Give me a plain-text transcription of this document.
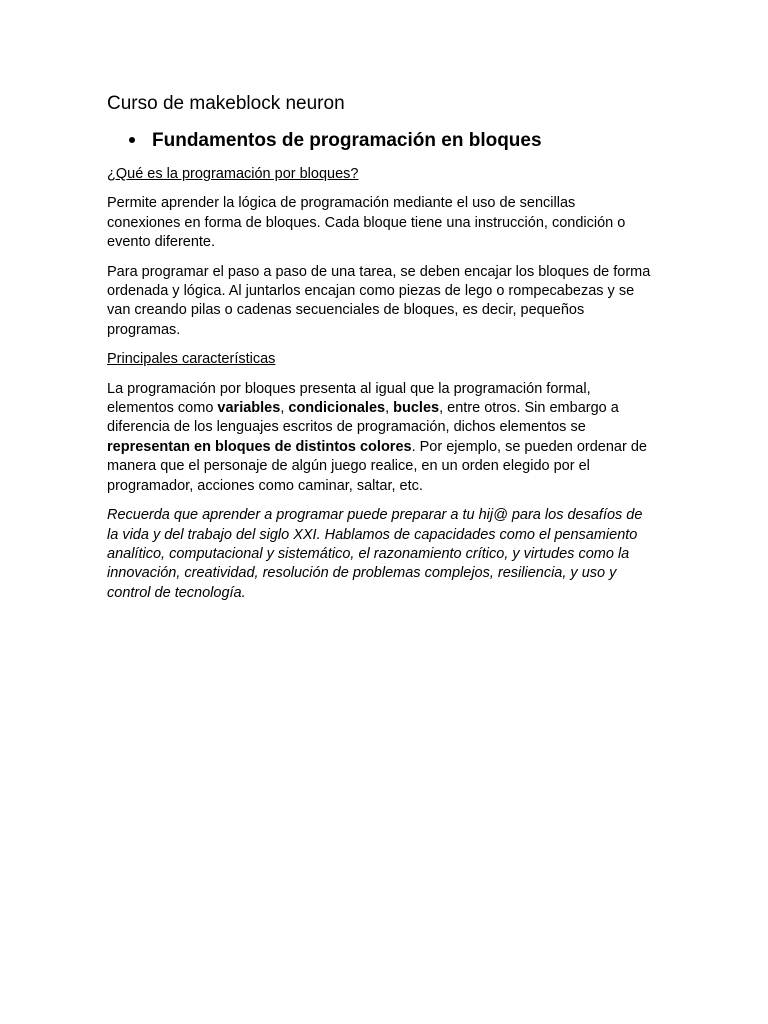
Curso de makeblock neuron
Fundamentos de programación en bloques

¿Qué es la programación por bloques?

Permite aprender la lógica de programación mediante el uso de sencillas conexiones en forma de bloques. Cada bloque tiene una instrucción, condición o evento diferente.

Para programar el paso a paso de una tarea, se deben encajar los bloques de forma ordenada y lógica. Al juntarlos encajan como piezas de lego o rompecabezas y se van creando pilas o cadenas secuenciales de bloques, es decir, pequeños programas.

Principales características

La programación por bloques presenta al igual que la programación formal, elementos como variables, condicionales, bucles, entre otros. Sin embargo a diferencia de los lenguajes escritos de programación, dichos elementos se representan en bloques de distintos colores. Por ejemplo, se pueden ordenar de manera que el personaje de algún juego realice, en un orden elegido por el programador, acciones como caminar, saltar, etc.

Recuerda que aprender a programar puede preparar a tu hij@ para los desafíos de la vida y del trabajo del siglo XXI. Hablamos de capacidades como el pensamiento analítico, computacional y sistemático, el razonamiento crítico, y virtudes como la innovación, creatividad, resolución de problemas complejos, resiliencia, y uso y control de tecnología.
